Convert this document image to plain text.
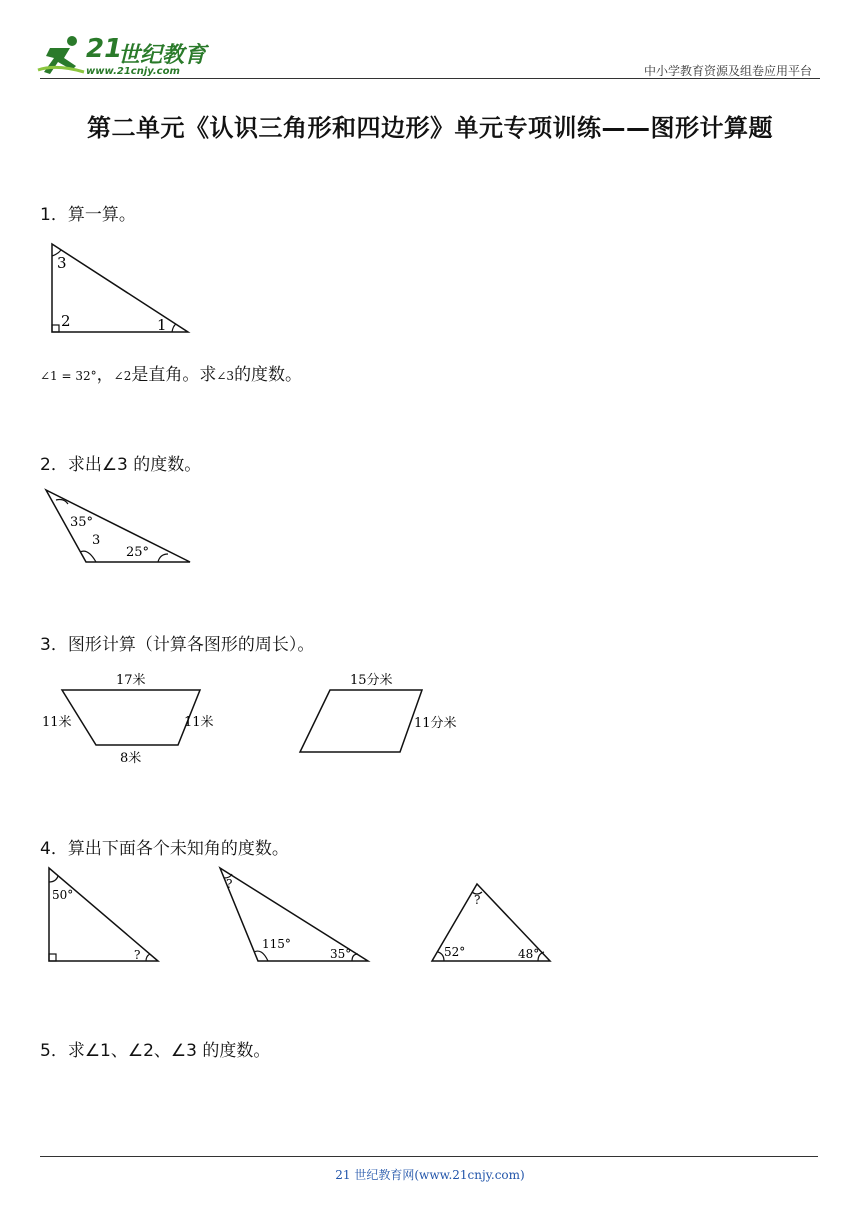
21
世纪教育
www.21cnjy.com	中小学教育资源及组卷应用平台
第二单元《认识三角形和四边形》单元专项训练——图形计算题
1．算一算。
3
2	1
∠1 = 32°，∠2是直角。求∠3的度数。
2．求出∠3 的度数。
35°
3
25°
3．图形计算（计算各图形的周长）。
17米
11米	11米
8米
15分米
11分米
4．算出下面各个未知角的度数。
50°
?
?
115°
35°
?
52°	48°
5．求∠1、∠2、∠3 的度数。
21 世纪教育网(www.21cnjy.com)
